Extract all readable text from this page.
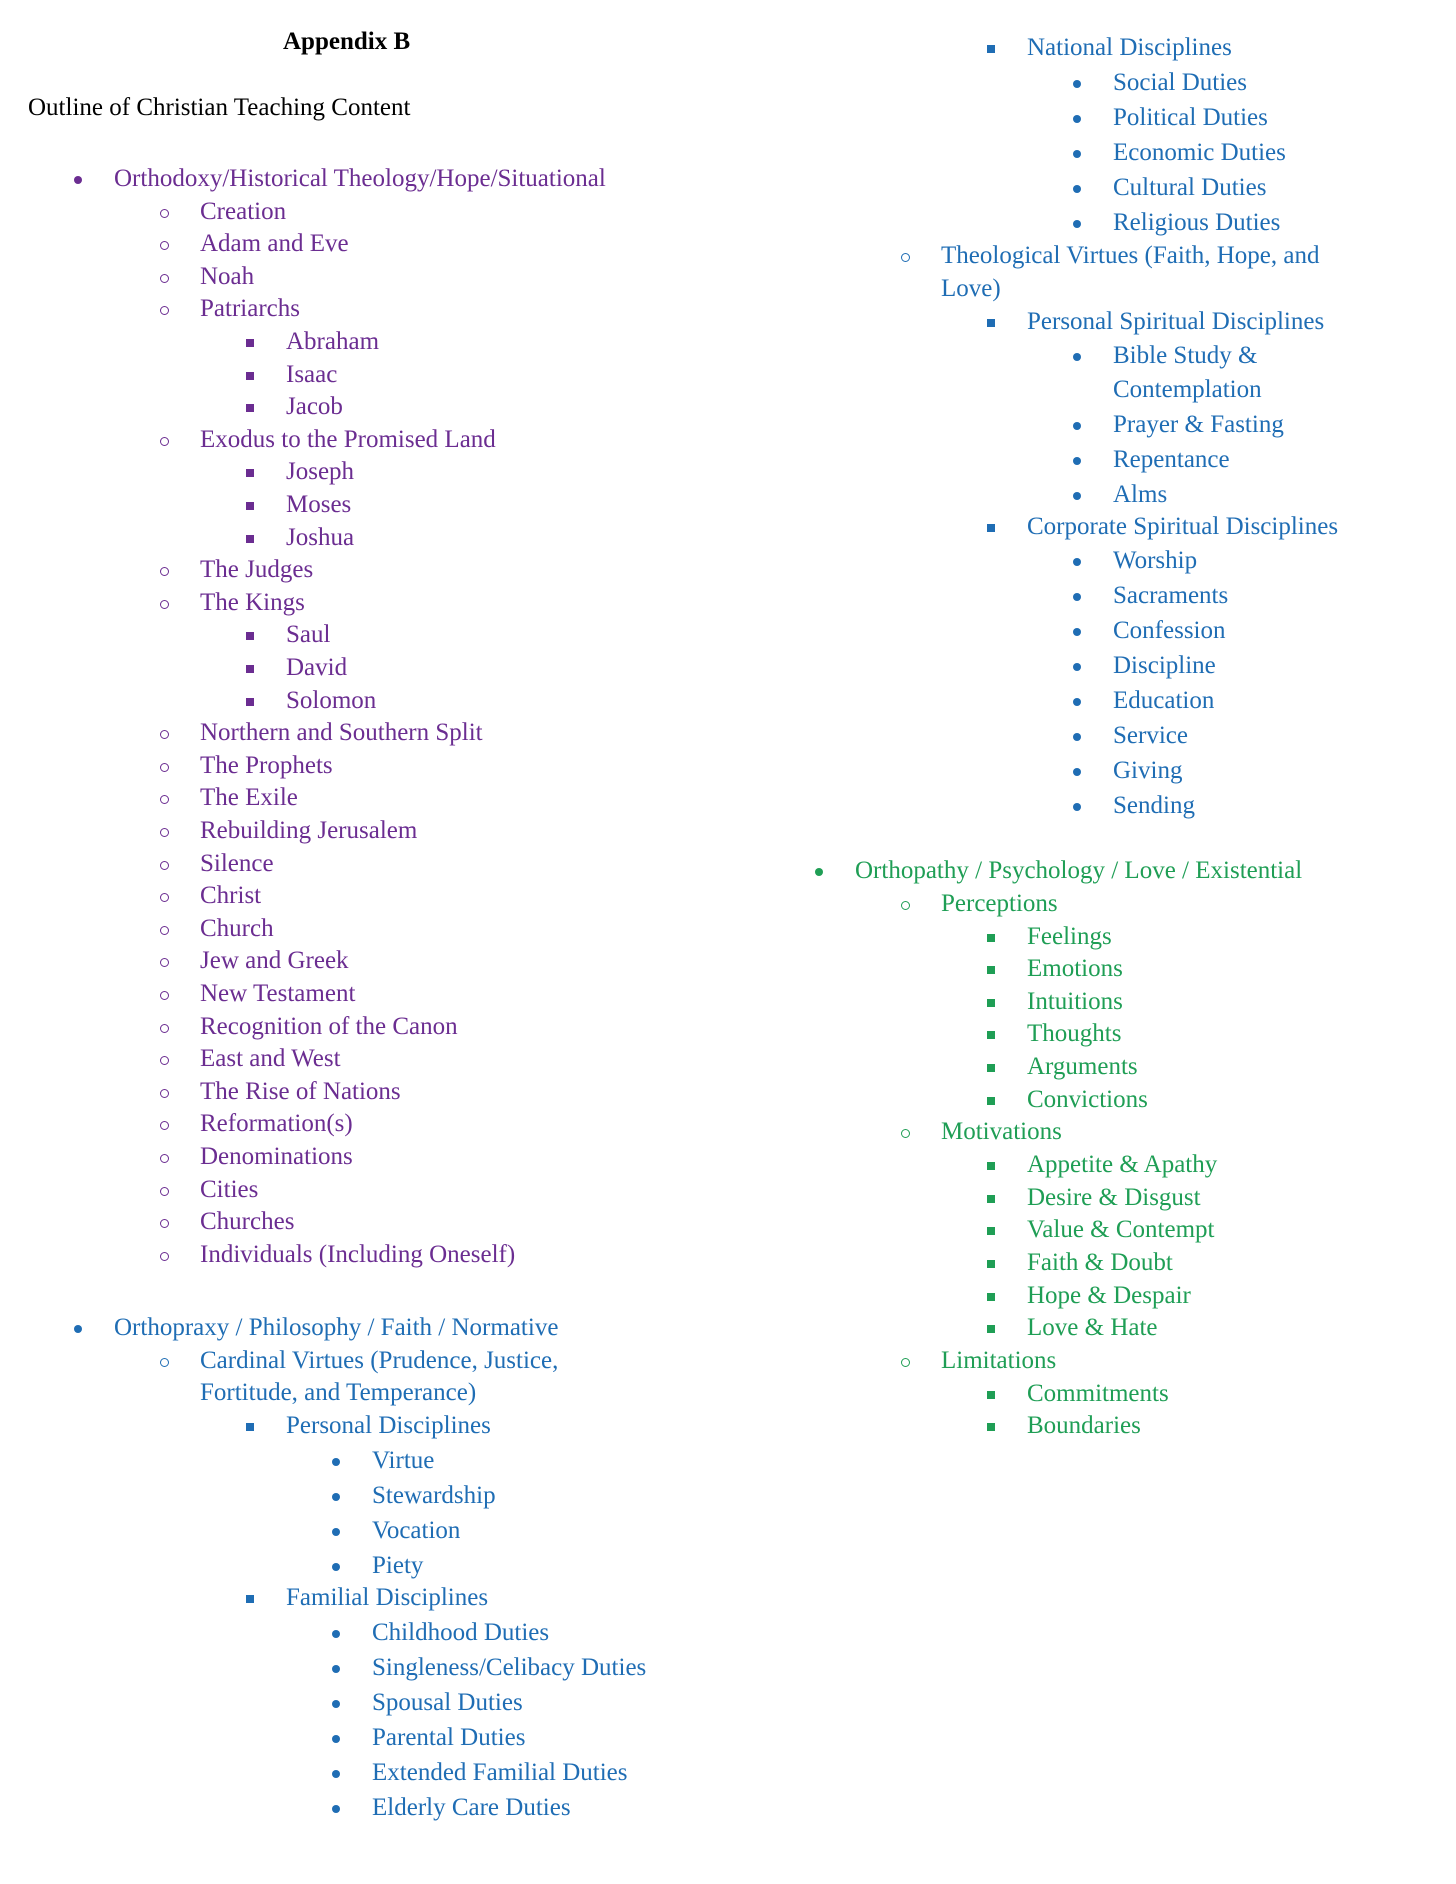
Appendix B
Outline of Christian Teaching Content
Orthodoxy/Historical Theology/Hope/Situational
Creation
Adam and Eve
Noah
Patriarchs
Abraham
Isaac
Jacob
Exodus to the Promised Land
Joseph
Moses
Joshua
The Judges
The Kings
Saul
David
Solomon
Northern and Southern Split
The Prophets
The Exile
Rebuilding Jerusalem
Silence
Christ
Church
Jew and Greek
New Testament
Recognition of the Canon
East and West
The Rise of Nations
Reformation(s)
Denominations
Cities
Churches
Individuals (Including Oneself)
Orthopraxy / Philosophy / Faith / Normative
Cardinal Virtues (Prudence, Justice,
Fortitude, and Temperance)
Personal Disciplines
Virtue
Stewardship
Vocation
Piety
Familial Disciplines
Childhood Duties
Singleness/Celibacy Duties
Spousal Duties
Parental Duties
Extended Familial Duties
Elderly Care Duties
National Disciplines
Social Duties
Political Duties
Economic Duties
Cultural Duties
Religious Duties
Theological Virtues (Faith, Hope, and
Love)
Personal Spiritual Disciplines
Bible Study &
Contemplation
Prayer & Fasting
Repentance
Alms
Corporate Spiritual Disciplines
Worship
Sacraments
Confession
Discipline
Education
Service
Giving
Sending
Orthopathy / Psychology / Love / Existential
Perceptions
Feelings
Emotions
Intuitions
Thoughts
Arguments
Convictions
Motivations
Appetite & Apathy
Desire & Disgust
Value & Contempt
Faith & Doubt
Hope & Despair
Love & Hate
Limitations
Commitments
Boundaries
